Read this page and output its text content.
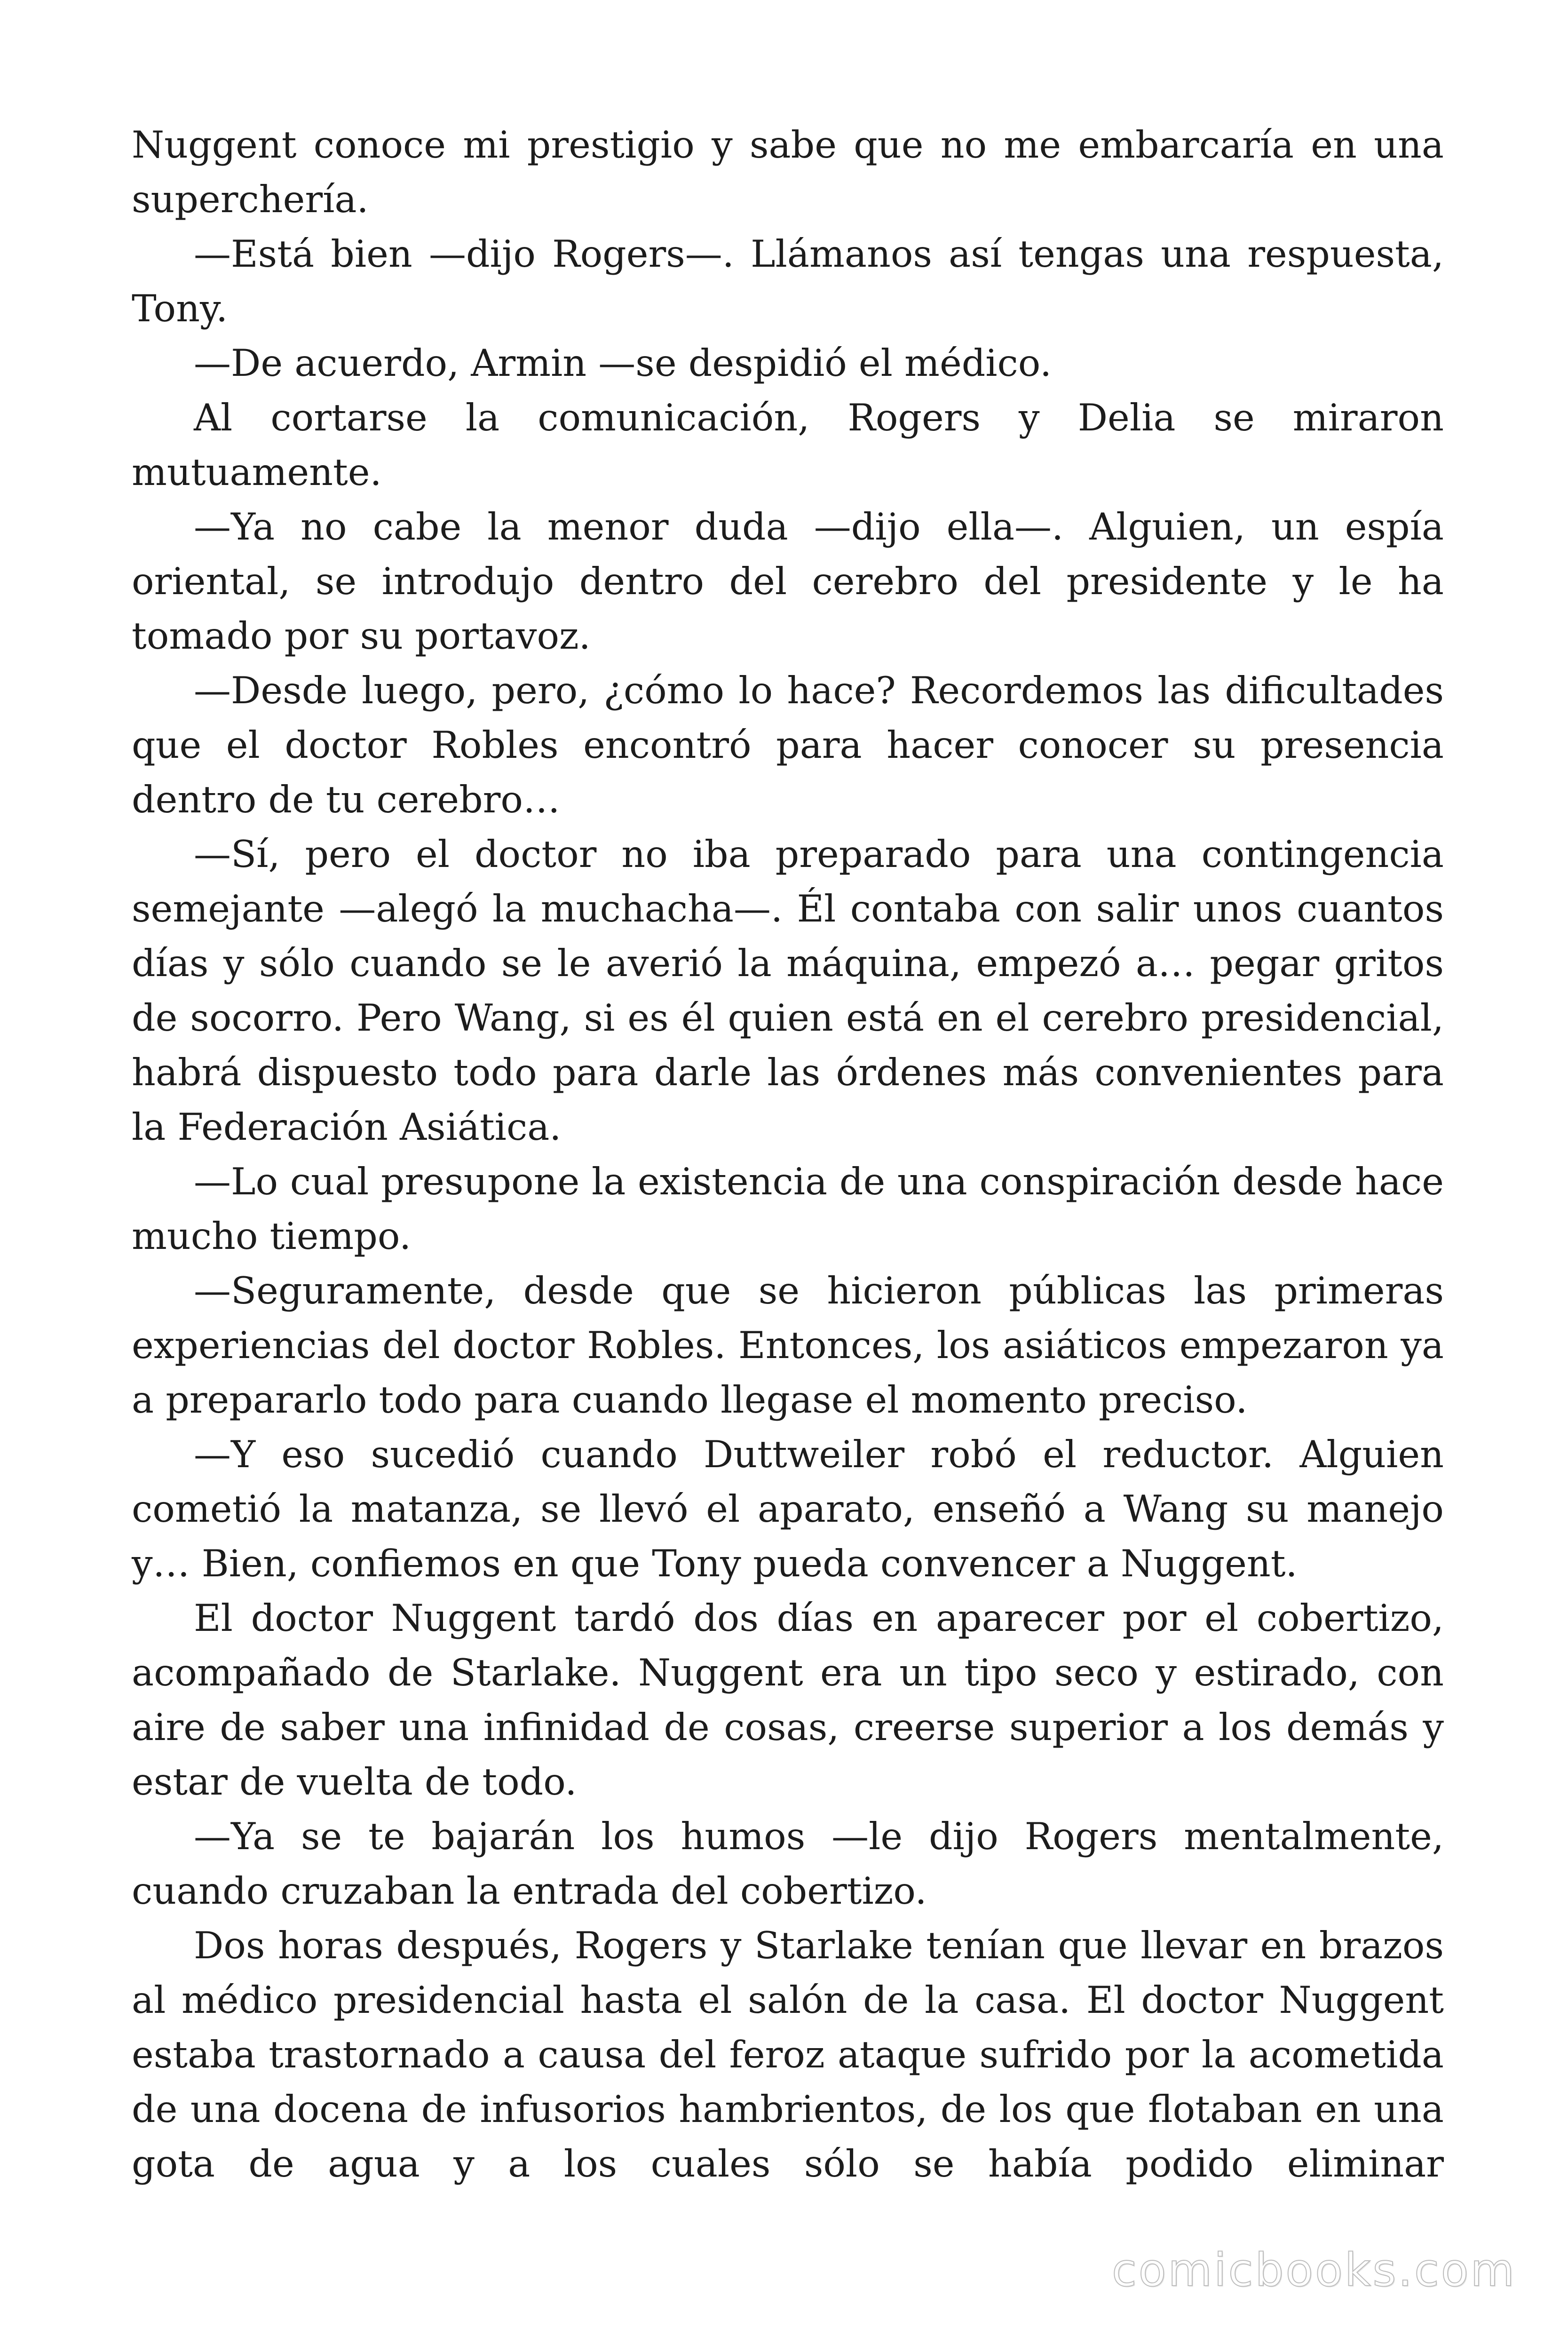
Nuggent conoce mi prestigio y sabe que no me embarcaría en una superchería.

—Está bien —dijo Rogers—. Llámanos así tengas una respuesta, Tony.

—De acuerdo, Armin —se despidió el médico.

Al cortarse la comunicación, Rogers y Delia se miraron mutuamente.

—Ya no cabe la menor duda —dijo ella—. Alguien, un espía oriental, se introdujo dentro del cerebro del presidente y le ha tomado por su portavoz.

—Desde luego, pero, ¿cómo lo hace? Recordemos las dificultades que el doctor Robles encontró para hacer conocer su presencia dentro de tu cerebro…

—Sí, pero el doctor no iba preparado para una contingencia semejante —alegó la muchacha—. Él contaba con salir unos cuantos días y sólo cuando se le averió la máquina, empezó a… pegar gritos de socorro. Pero Wang, si es él quien está en el cerebro presidencial, habrá dispuesto todo para darle las órdenes más convenientes para la Federación Asiática.

—Lo cual presupone la existencia de una conspiración desde hace mucho tiempo.

—Seguramente, desde que se hicieron públicas las primeras experiencias del doctor Robles. Entonces, los asiáticos empezaron ya a prepararlo todo para cuando llegase el momento preciso.

—Y eso sucedió cuando Duttweiler robó el reductor. Alguien cometió la matanza, se llevó el aparato, enseñó a Wang su manejo y… Bien, confiemos en que Tony pueda convencer a Nuggent.

El doctor Nuggent tardó dos días en aparecer por el cobertizo, acompañado de Starlake. Nuggent era un tipo seco y estirado, con aire de saber una infinidad de cosas, creerse superior a los demás y estar de vuelta de todo.

—Ya se te bajarán los humos —le dijo Rogers mentalmente, cuando cruzaban la entrada del cobertizo.

Dos horas después, Rogers y Starlake tenían que llevar en brazos al médico presidencial hasta el salón de la casa. El doctor Nuggent estaba trastornado a causa del feroz ataque sufrido por la acometida de una docena de infusorios hambrientos, de los que flotaban en una gota de agua y a los cuales sólo se había podido eliminar

comicbooks.com
